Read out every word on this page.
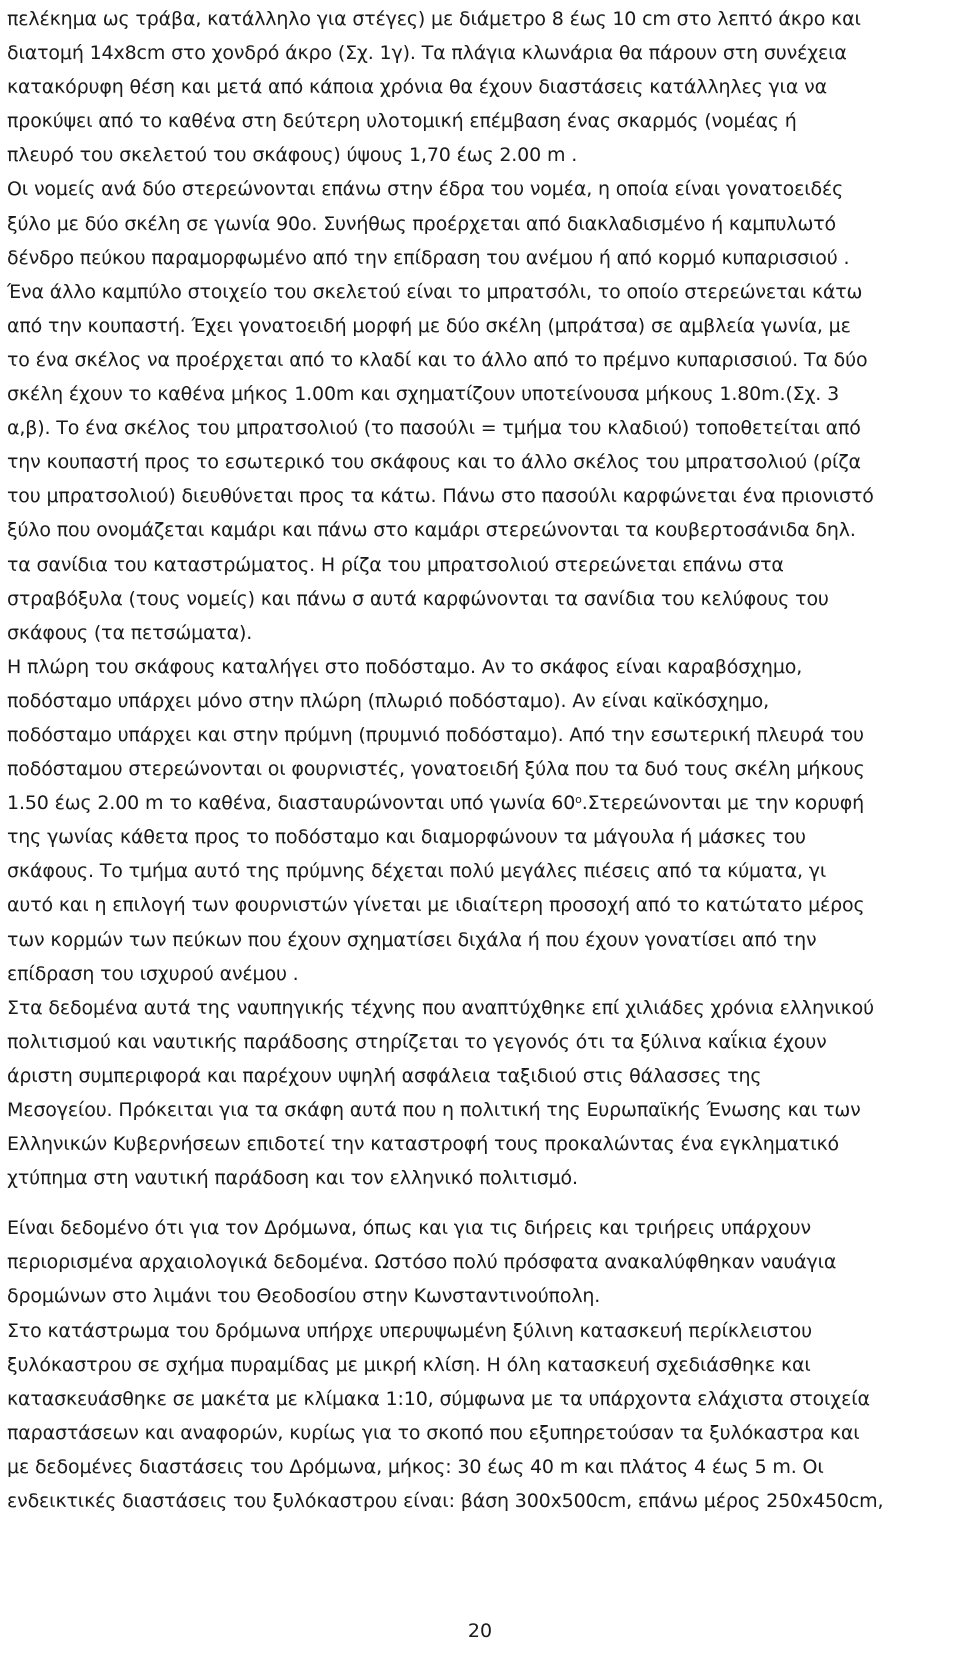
πελέκημα ως τράβα, κατάλληλο για στέγες) με διάμετρο 8 έως 10 cm στο λεπτό άκρο και
διατομή 14x8cm στο χονδρό άκρο (Σχ. 1γ). Τα πλάγια κλωνάρια θα πάρουν στη συνέχεια
κατακόρυφη θέση και μετά από κάποια χρόνια θα έχουν διαστάσεις κατάλληλες για να
προκύψει από το καθένα στη δεύτερη υλοτομική επέμβαση ένας σκαρμός (νομέας ή
πλευρό του σκελετού του σκάφους) ύψους 1,70 έως 2.00 m .
Οι νομείς ανά δύο στερεώνονται επάνω στην έδρα του νομέα, η οποία είναι γονατοειδές
ξύλο με δύο σκέλη σε γωνία 90ο. Συνήθως προέρχεται από διακλαδισμένο ή καμπυλωτό
δένδρο πεύκου παραμορφωμένο από την επίδραση του ανέμου ή από κορμό κυπαρισσιού .
Ένα άλλο καμπύλο στοιχείο του σκελετού είναι το μπρατσόλι, το οποίο στερεώνεται κάτω
από την κουπαστή. Έχει γονατοειδή μορφή με δύο σκέλη (μπράτσα) σε αμβλεία γωνία, με
το ένα σκέλος να προέρχεται από το κλαδί και το άλλο από το πρέμνο κυπαρισσιού. Τα δύο
σκέλη έχουν το καθένα μήκος 1.00m και σχηματίζουν υποτείνουσα μήκους 1.80m.(Σχ. 3
α,β). Το ένα σκέλος του μπρατσολιού (το πασούλι = τμήμα του κλαδιού) τοποθετείται από
την κουπαστή προς το εσωτερικό του σκάφους και το άλλο σκέλος του μπρατσολιού (ρίζα
του μπρατσολιού) διευθύνεται προς τα κάτω. Πάνω στο πασούλι καρφώνεται ένα πριονιστό
ξύλο που ονομάζεται καμάρι και πάνω στο καμάρι στερεώνονται τα κουβερτοσάνιδα δηλ.
τα σανίδια του καταστρώματος. Η ρίζα του μπρατσολιού στερεώνεται επάνω στα
στραβόξυλα (τους νομείς) και πάνω σ αυτά καρφώνονται τα σανίδια του κελύφους του
σκάφους (τα πετσώματα).
Η πλώρη του σκάφους καταλήγει στο ποδόσταμο. Αν το σκάφος είναι καραβόσχημο,
ποδόσταμο υπάρχει μόνο στην πλώρη (πλωριό ποδόσταμο). Αν είναι καϊκόσχημο,
ποδόσταμο υπάρχει και στην πρύμνη (πρυμνιό ποδόσταμο). Από την εσωτερική πλευρά του
ποδόσταμου στερεώνονται οι φουρνιστές, γονατοειδή ξύλα που τα δυό τους σκέλη μήκους
1.50 έως 2.00 m το καθένα, διασταυρώνονται υπό γωνία $60^o.\Sigma\tau\varepsilon\rho\varepsilon ώ\nu o\nu\tau\alpha\iota$ με την κορυφή
της γωνίας κάθετα προς το ποδόσταμο και διαμορφώνουν τα μάγουλα ή μάσκες του
σκάφους. Το τμήμα αυτό της πρύμνης δέχεται πολύ μεγάλες πιέσεις από τα κύματα, γι
αυτό και η επιλογή των φουρνιστών γίνεται με ιδιαίτερη προσοχή από το κατώτατο μέρος
των κορμών των πεύκων που έχουν σχηματίσει διχάλα ή που έχουν γονατίσει από την
επίδραση του ισχυρού ανέμου .
Στα δεδομένα αυτά της ναυπηγικής τέχνης που αναπτύχθηκε επί χιλιάδες χρόνια ελληνικού
πολιτισμού και ναυτικής παράδοσης στηρίζεται το γεγονός ότι τα ξύλινα καΐκια έχουν
άριστη συμπεριφορά και παρέχουν υψηλή ασφάλεια ταξιδιού στις θάλασσες της
Μεσογείου. Πρόκειται για τα σκάφη αυτά που η πολιτική της Ευρωπαϊκής Ένωσης και των
Ελληνικών Κυβερνήσεων επιδοτεί την καταστροφή τους προκαλώντας ένα εγκληματικό
χτύπημα στη ναυτική παράδοση και τον ελληνικό πολιτισμό.
Είναι δεδομένο ότι για τον Δρόμωνα, όπως και για τις διήρεις και τριήρεις υπάρχουν
περιορισμένα αρχαιολογικά δεδομένα. Ωστόσο πολύ πρόσφατα ανακαλύφθηκαν ναυάγια
δρομώνων στο λιμάνι του Θεοδοσίου στην Κωνσταντινούπολη.
Στο κατάστρωμα του δρόμωνα υπήρχε υπερυψωμένη ξύλινη κατασκευή περίκλειστου
ξυλόκαστρου σε σχήμα πυραμίδας με μικρή κλίση. Η όλη κατασκευή σχεδιάσθηκε και
κατασκευάσθηκε σε μακέτα με κλίμακα 1:10, σύμφωνα με τα υπάρχοντα ελάχιστα στοιχεία
παραστάσεων και αναφορών, κυρίως για το σκοπό που εξυπηρετούσαν τα ξυλόκαστρα και
με δεδομένες διαστάσεις του Δρόμωνα, μήκος: 30 έως 40 m και πλάτος 4 έως 5 m. Οι
ενδεικτικές διαστάσεις του ξυλόκαστρου είναι: βάση 300x500cm, επάνω μέρος 250x450cm,
20
